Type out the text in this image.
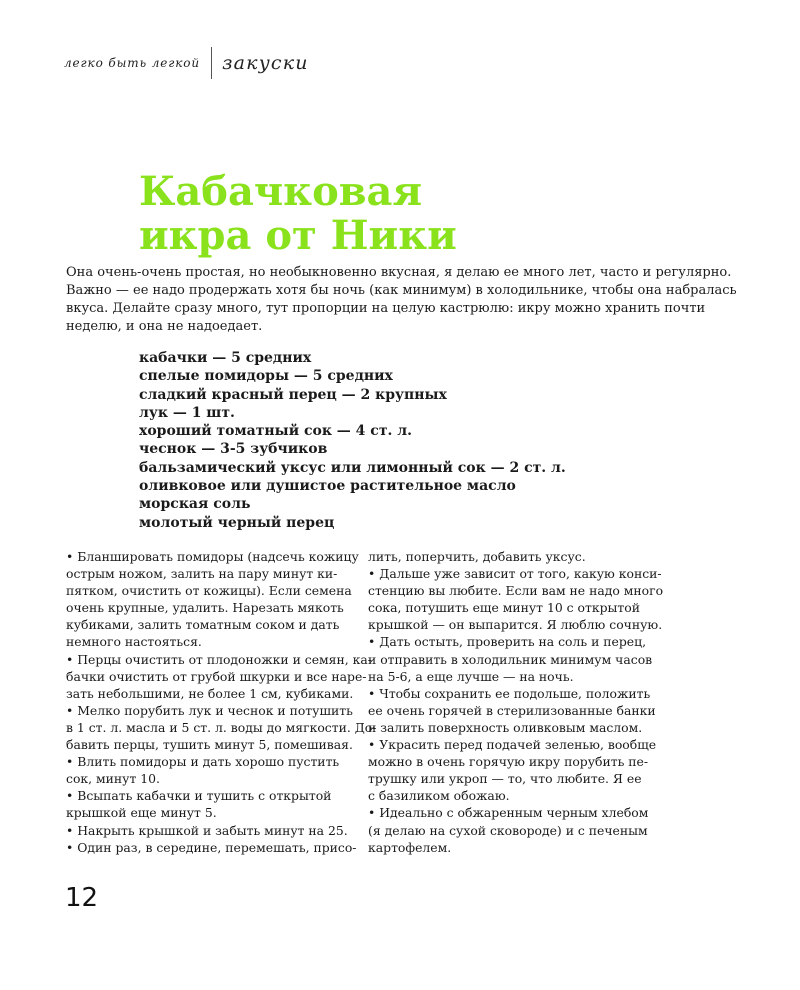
легко быть легкой закуски
Кабачковая
икра от Ники

Она очень-очень простая, но необыкновенно вкусная, я делаю ее много лет, часто и регулярно.
Важно — ее надо продержать хотя бы ночь (как минимум) в холодильнике, чтобы она набралась
вкуса. Делайте сразу много, тут пропорции на целую кастрюлю: икру можно хранить почти
неделю, и она не надоедает.

кабачки — 5 средних
спелые помидоры — 5 средних
сладкий красный перец — 2 крупных
лук — 1 шт.
хороший томатный сок — 4 ст. л.
чеснок — 3-5 зубчиков
бальзамический уксус или лимонный сок — 2 ст. л.
оливковое или душистое растительное масло
морская соль
молотый черный перец
• Бланшировать помидоры (надсечь кожицу
острым ножом, залить на пару минут ки-
пятком, очистить от кожицы). Если семена
очень крупные, удалить. Нарезать мякоть
кубиками, залить томатным соком и дать
немного настояться.
• Перцы очистить от плодоножки и семян, ка-
бачки очистить от грубой шкурки и все наре-
зать небольшими, не более 1 см, кубиками.
• Мелко порубить лук и чеснок и потушить
в 1 ст. л. масла и 5 ст. л. воды до мягкости. До-
бавить перцы, тушить минут 5, помешивая.
• Влить помидоры и дать хорошо пустить
сок, минут 10.
• Всыпать кабачки и тушить с открытой
крышкой еще минут 5.
• Накрыть крышкой и забыть минут на 25.
• Один раз, в середине, перемешать, присо-
лить, поперчить, добавить уксус.
• Дальше уже зависит от того, какую конси-
стенцию вы любите. Если вам не надо много
сока, потушить еще минут 10 с открытой
крышкой — он выпарится. Я люблю сочную.
• Дать остыть, проверить на соль и перец,
и отправить в холодильник минимум часов
на 5-6, а еще лучше — на ночь.
• Чтобы сохранить ее подольше, положить
ее очень горячей в стерилизованные банки
и залить поверхность оливковым маслом.
• Украсить перед подачей зеленью, вообще
можно в очень горячую икру порубить пе-
трушку или укроп — то, что любите. Я ее
с базиликом обожаю.
• Идеально с обжаренным черным хлебом
(я делаю на сухой сковороде) и с печеным
картофелем.
12
